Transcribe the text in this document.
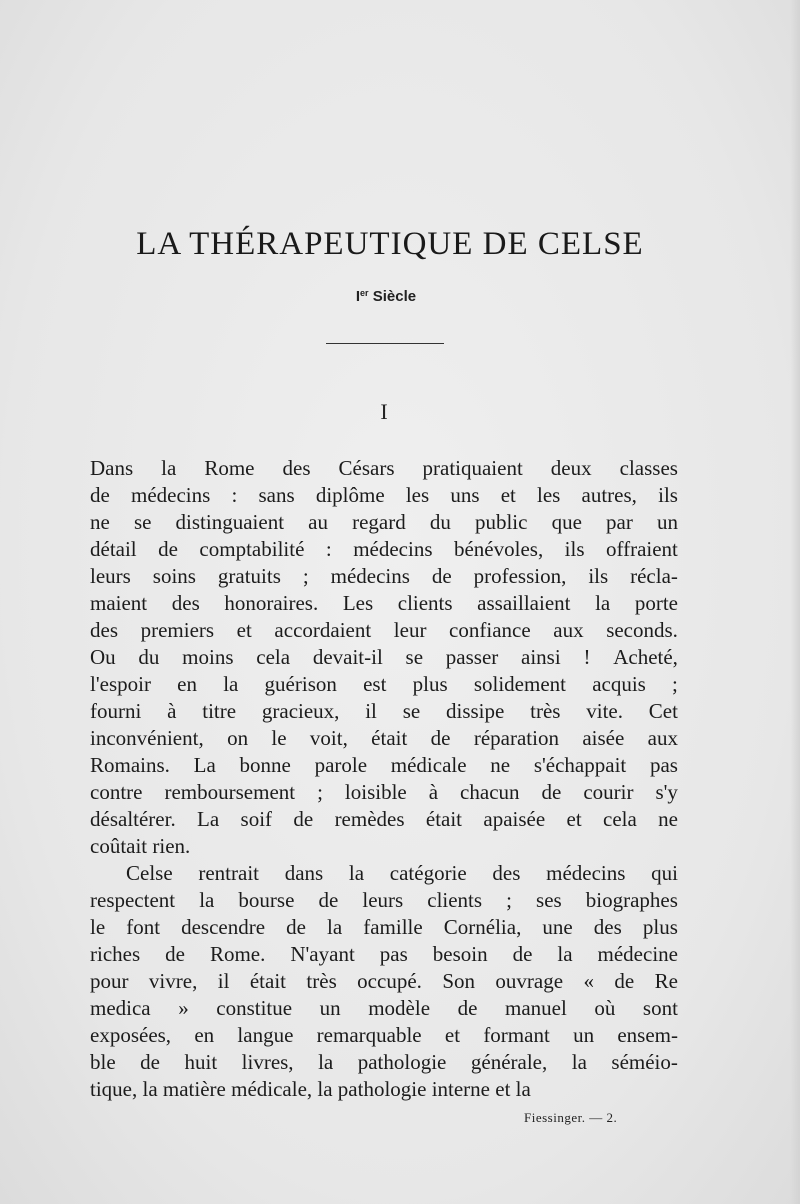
LA THÉRAPEUTIQUE DE CELSE
Ier Siècle
I
Dans la Rome des Césars pratiquaient deux classes
de médecins : sans diplôme les uns et les autres, ils
ne se distinguaient au regard du public que par un
détail de comptabilité : médecins bénévoles, ils offraient
leurs soins gratuits ; médecins de profession, ils récla-
maient des honoraires. Les clients assaillaient la porte
des premiers et accordaient leur confiance aux seconds.
Ou du moins cela devait-il se passer ainsi ! Acheté,
l'espoir en la guérison est plus solidement acquis ;
fourni à titre gracieux, il se dissipe très vite. Cet
inconvénient, on le voit, était de réparation aisée aux
Romains. La bonne parole médicale ne s'échappait pas
contre remboursement ; loisible à chacun de courir s'y
désaltérer. La soif de remèdes était apaisée et cela ne
coûtait rien.
Celse rentrait dans la catégorie des médecins qui
respectent la bourse de leurs clients ; ses biographes
le font descendre de la famille Cornélia, une des plus
riches de Rome. N'ayant pas besoin de la médecine
pour vivre, il était très occupé. Son ouvrage « de Re
medica » constitue un modèle de manuel où sont
exposées, en langue remarquable et formant un ensem-
ble de huit livres, la pathologie générale, la séméio-
tique, la matière médicale, la pathologie interne et la
Fiessinger. — 2.
